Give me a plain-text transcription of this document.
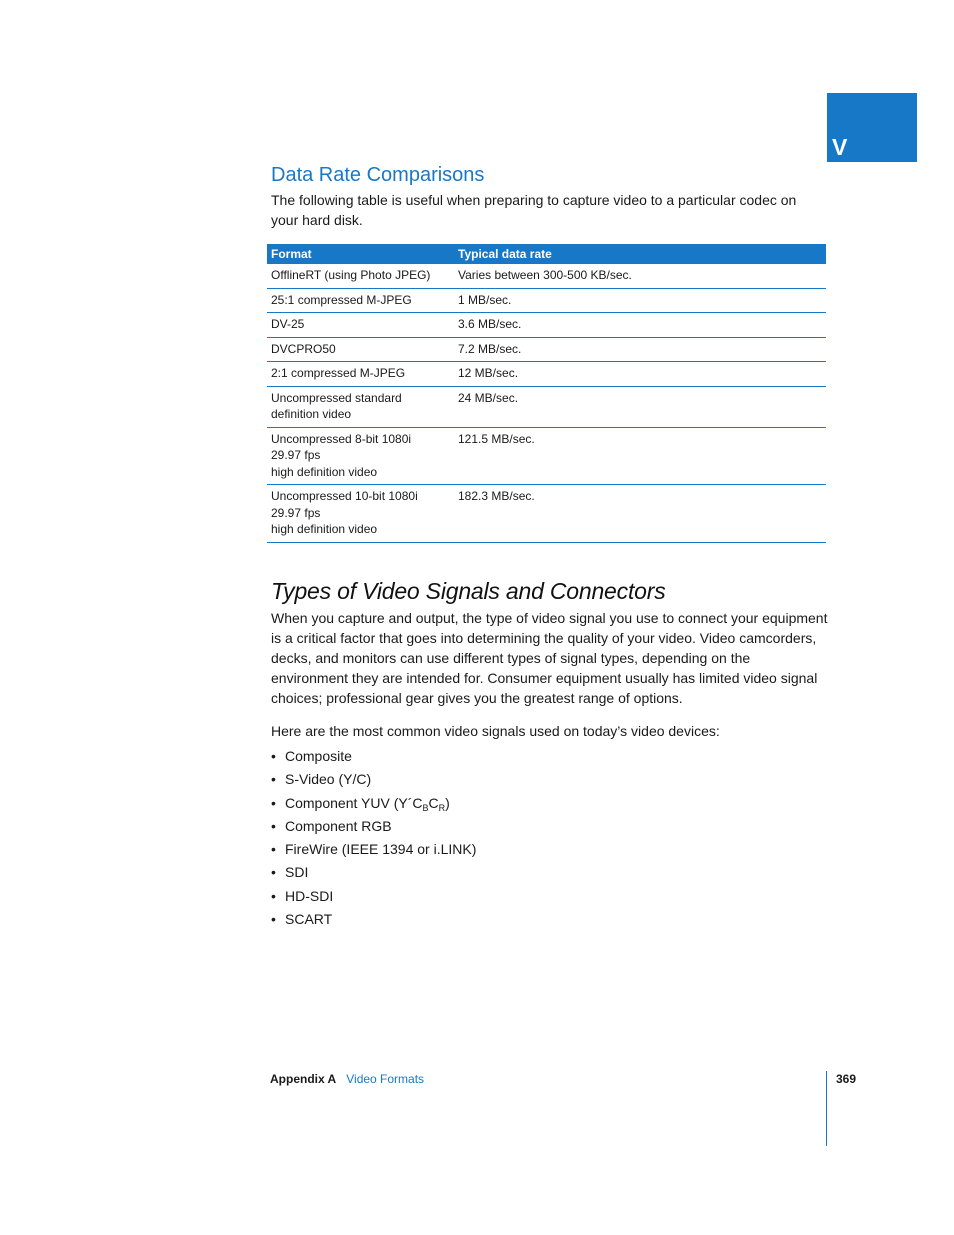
V
Data Rate Comparisons

The following table is useful when preparing to capture video to a particular codec on your hard disk.

Format	Typical data rate
OfflineRT (using Photo JPEG)	Varies between 300-500 KB/sec.
25:1 compressed M-JPEG	1 MB/sec.
DV-25	3.6 MB/sec.
DVCPRO50	7.2 MB/sec.
2:1 compressed M-JPEG	12 MB/sec.
Uncompressed standard
definition video	24 MB/sec.
Uncompressed 8-bit 1080i
29.97 fps
high definition video	121.5 MB/sec.
Uncompressed 10-bit 1080i
29.97 fps
high definition video	182.3 MB/sec.
Types of Video Signals and Connectors

When you capture and output, the type of video signal you use to connect your equipment is a critical factor that goes into determining the quality of your video. Video camcorders, decks, and monitors can use different types of signal types, depending on the environment they are intended for. Consumer equipment usually has limited video signal choices; professional gear gives you the greatest range of options.

Here are the most common video signals used on today’s video devices:

• Composite
• S-Video (Y/C)
• Component YUV $(Y´C_BC_R)$
• Component RGB
• FireWire (IEEE 1394 or i.LINK)
• SDI
• HD-SDI
• SCART
Appendix A Video Formats	369
